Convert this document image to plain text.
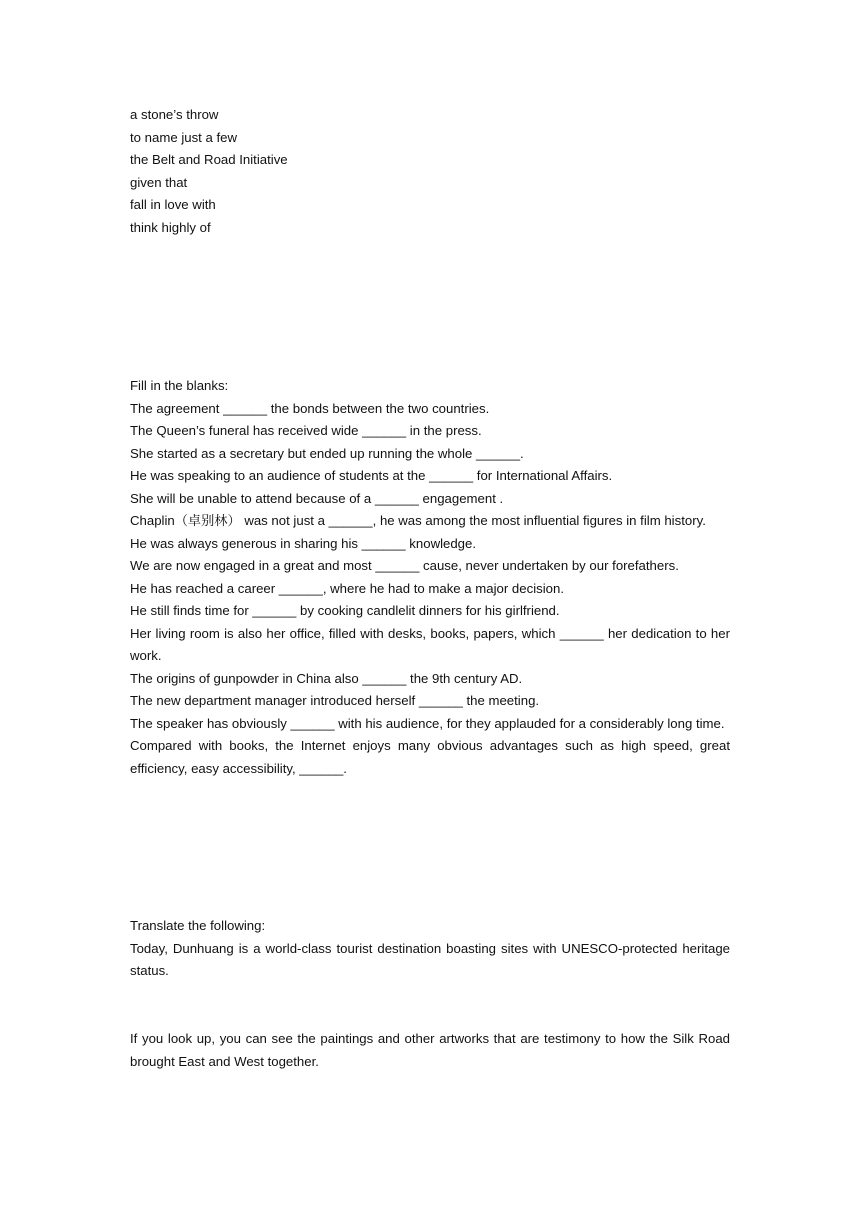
a stone’s throw

to name just a few

the Belt and Road Initiative

given that

fall in love with

think highly of

Fill in the blanks:

The agreement ______ the bonds between the two countries.

The Queen’s funeral has received wide ______ in the press.

She started as a secretary but ended up running the whole ______.

He was speaking to an audience of students at the ______ for International Affairs.

She will be unable to attend because of a ______ engagement .

Chaplin（卓别林） was not just a ______, he was among the most influential figures in film history.

He was always generous in sharing his ______ knowledge.

We are now engaged in a great and most ______ cause, never undertaken by our forefathers.

He has reached a career ______, where he had to make a major decision.

He still finds time for ______ by cooking candlelit dinners for his girlfriend.

Her living room is also her office, filled with desks, books, papers, which ______ her dedication to her work.

The origins of gunpowder in China also ______ the 9th century AD.

The new department manager introduced herself ______ the meeting.

The speaker has obviously ______ with his audience, for they applauded for a considerably long time.

Compared with books, the Internet enjoys many obvious advantages such as high speed, great efficiency, easy accessibility, ______.

Translate the following:

Today, Dunhuang is a world-class tourist destination boasting sites with UNESCO-protected heritage status.

If you look up, you can see the paintings and other artworks that are testimony to how the Silk Road brought East and West together.
